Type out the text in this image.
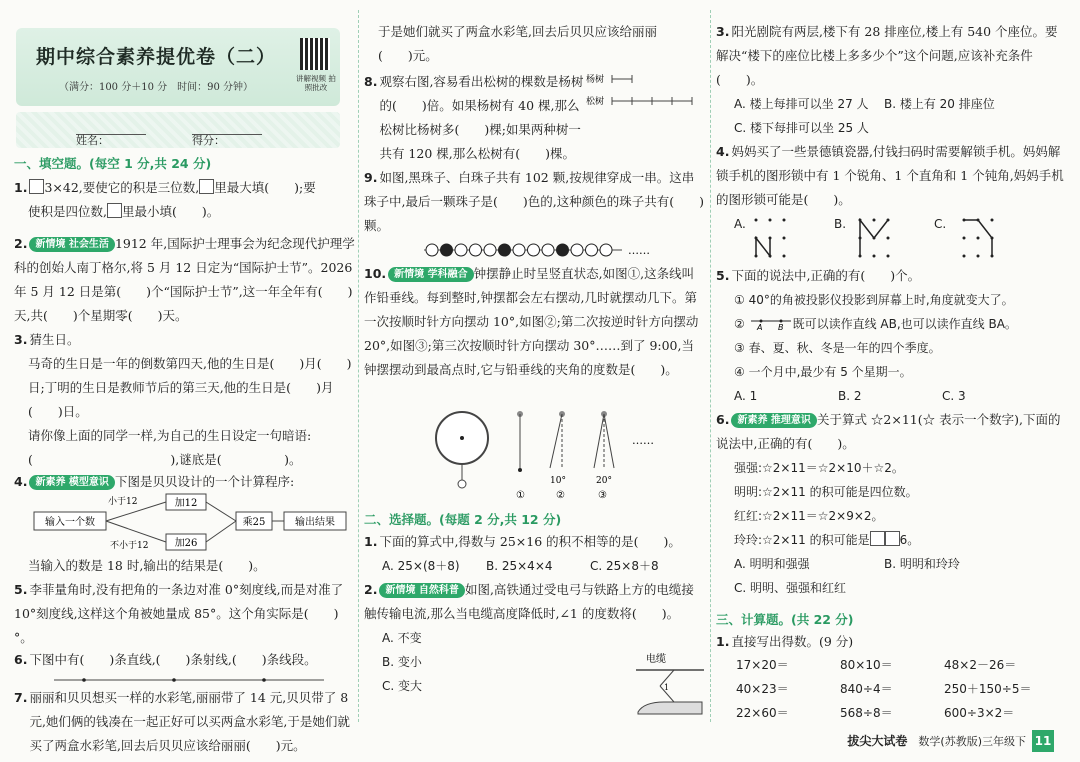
期中综合素养提优卷（二）
（满分：100 分＋10 分　时间：90 分钟）
讲解视频 拍照批改
姓名：	得分：
一、填空题。(每空 1 分,共 24 分)

1. 3×42,要使它的积是三位数, 里最大填(　　);要

使积是四位数, 里最小填(　　)。

2. 新情境 社会生活 1912 年,国际护士理事会为纪念现代护理学科的创始人南丁格尔,将 5 月 12 日定为“国际护士节”。2026 年 5 月 12 日是第(　　)个“国际护士节”,这一年全年有(　　)天,共(　　)个星期零(　　)天。

3. 猜生日。

马奇的生日是一年的倒数第四天,他的生日是(　　)月(　　)日;丁明的生日是教师节后的第三天,他的生日是(　　)月(　　)日。

请你像上面的同学一样,为自己的生日设定一句暗语:(　　　　　　　　　　　),谜底是(　　　　　)。

4. 新素养 模型意识 下图是贝贝设计的一个计算程序:

输入一个数
小于12
不小于12
加12
加26
乘25	输出结果

当输入的数是 18 时,输出的结果是(　　)。

5. 李菲量角时,没有把角的一条边对准 0°刻度线,而是对准了 10°刻度线,这样这个角被她量成 85°。这个角实际是(　　)°。

6. 下图中有(　　)条直线,(　　)条射线,(　　)条线段。

7. 丽丽和贝贝想买一样的水彩笔,丽丽带了 14 元,贝贝带了 8 元,她们俩的钱凑在一起正好可以买两盒水彩笔,于是她们就买了两盒水彩笔,回去后贝贝应该给丽丽(　　)元。

于是她们就买了两盒水彩笔,回去后贝贝应该给丽丽

(　　)元。

8. 观察右图,容易看出松树的棵数是杨树的(　　)倍。如果杨树有 40 棵,那么松树比杨树多(　　)棵;如果两种树一共有 120 棵,那么松树有(　　)棵。

杨树
松树

9. 如图,黑珠子、白珠子共有 102 颗,按规律穿成一串。这串珠子中,最后一颗珠子是(　　)色的,这种颜色的珠子共有(　　)颗。

……

10. 新情境 学科融合 钟摆静止时呈竖直状态,如图①,这条线叫作铅垂线。每到整时,钟摆都会左右摆动,几时就摆动几下。第一次按顺时针方向摆动 10°,如图②;第二次按逆时针方向摆动 20°,如图③;第三次按顺时针方向摆动 30°……到了 9:00,当钟摆摆动到最高点时,它与铅垂线的夹角的度数是(　　)。

10°	20°
①	②	③
……
二、选择题。(每题 2 分,共 12 分)

1. 下面的算式中,得数与 25×16 的积不相等的是(　　)。

A. 25×(8＋8) B. 25×4×4	C. 25×8＋8

2. 新情境 自然科普 如图,高铁通过受电弓与铁路上方的电缆接触传输电流,那么当电缆高度降低时,∠1 的度数将(　　)。

A. 不变

B. 变小

C. 变大

电缆
1

3. 阳光剧院有两层,楼下有 28 排座位,楼上有 540 个座位。要解决“楼下的座位比楼上多多少个”这个问题,应该补充条件(　　)。

A. 楼上每排可以坐 27 人 B. 楼上有 20 排座位

C. 楼下每排可以坐 25 人

4. 妈妈买了一些景德镇瓷器,付钱扫码时需要解锁手机。妈妈解锁手机的图形锁中有 1 个锐角、1 个直角和 1 个钝角,妈妈手机的图形锁可能是(　　)。

A.	B.	C.

5. 下面的说法中,正确的有(　　)个。

① 40°的角被投影仪投影到屏幕上时,角度就变大了。

② A B 既可以读作直线 AB,也可以读作直线 BA。

③ 春、夏、秋、冬是一年的四个季度。

④ 一个月中,最少有 5 个星期一。

A. 1	B. 2	C. 3

6. 新素养 推理意识 关于算式 ☆2×11(☆ 表示一个数字),下面的说法中,正确的有(　　)。

强强:☆2×11＝☆2×10＋☆2。

明明:☆2×11 的积可能是四位数。

红红:☆2×11＝☆2×9×2。

玲玲:☆2×11 的积可能是	6。

A. 明明和强强	B. 明明和玲玲

C. 明明、强强和红红

三、计算题。(共 22 分)

1. 直接写出得数。(9 分)

17×20＝	80×10＝	48×2－26＝
40×23＝	840÷4＝	250＋150÷5＝
22×60＝	568÷8＝	600÷3×2＝
拔尖大试卷　 数学(苏教版)三年级下 11
